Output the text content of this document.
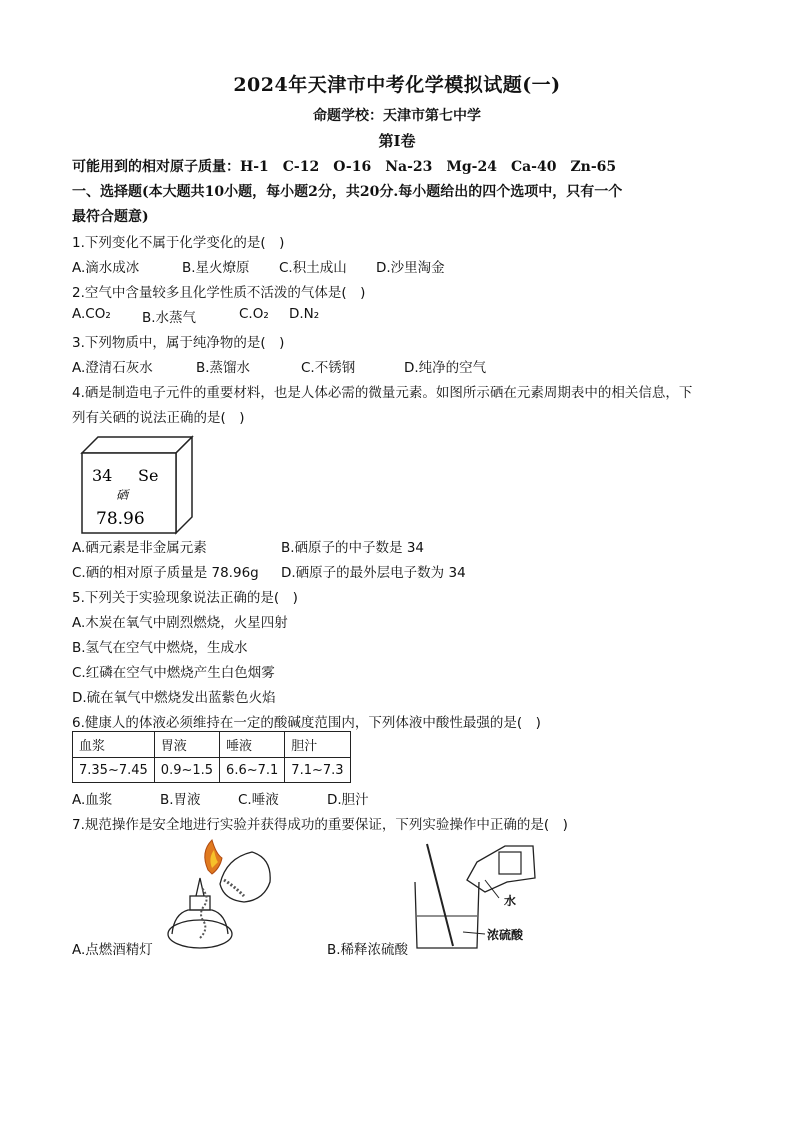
2024年天津市中考化学模拟试题(一)
命题学校：天津市第七中学
第Ⅰ卷
可能用到的相对原子质量：H-1　C-12　O-16　Na-23　Mg-24　Ca-40　Zn-65
一、选择题(本大题共10小题，每小题2分，共20分.每小题给出的四个选项中，只有一个
最符合题意)
1.下列变化不属于化学变化的是(　)
A.滴水成冰	B.星火燎原 C.积土成山 D.沙里淘金
2.空气中含量较多且化学性质不活泼的气体是(　)
A.CO₂ B.水蒸气	C.O₂ D.N₂
3.下列物质中，属于纯净物的是(　)
A.澄清石灰水	B.蒸馏水	C.不锈钢	D.纯净的空气
4.硒是制造电子元件的重要材料，也是人体必需的微量元素。如图所示硒在元素周期表中的相关信息，下
列有关硒的说法正确的是(　)
34 Se
硒
78.96
A.硒元素是非金属元素	B.硒原子的中子数是 34
C.硒的相对原子质量是 78.96g D.硒原子的最外层电子数为 34
5.下列关于实验现象说法正确的是(　)
A.木炭在氧气中剧烈燃烧，火星四射
B.氢气在空气中燃烧，生成水
C.红磷在空气中燃烧产生白色烟雾
D.硫在氧气中燃烧发出蓝紫色火焰
6.健康人的体液必须维持在一定的酸碱度范围内，下列体液中酸性最强的是(　)
血浆	胃液	唾液	胆汁
7.35~7.45	0.9~1.5	6.6~7.1	7.1~7.3
A.血浆	B.胃液	C.唾液	D.胆汁
7.规范操作是安全地进行实验并获得成功的重要保证，下列实验操作中正确的是(　)
A.点燃酒精灯
水
浓硫酸
B.稀释浓硫酸
